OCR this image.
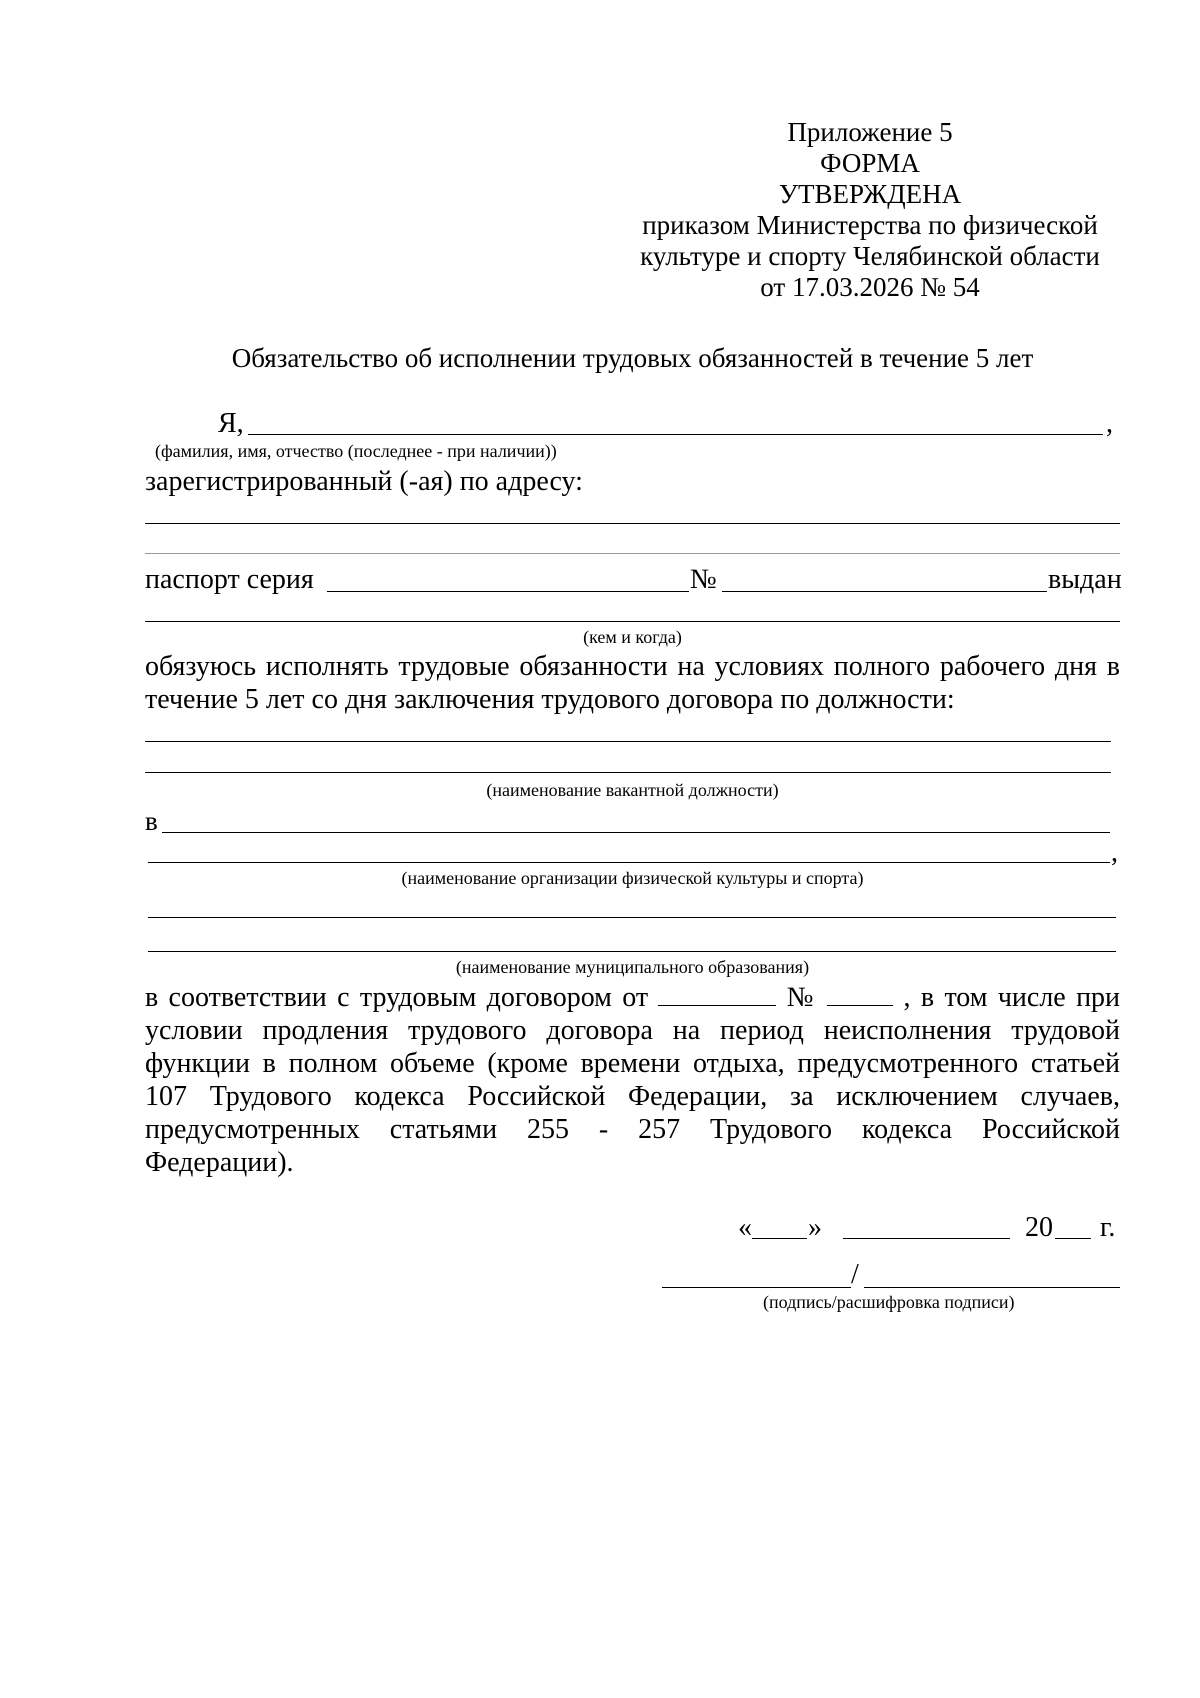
Приложение 5
ФОРМА
УТВЕРЖДЕНА
приказом Министерства по физической
культуре и спорту Челябинской области
от 17.03.2026 № 54
Обязательство об исполнении трудовых обязанностей в течение 5 лет
Я,	,
(фамилия, имя, отчество (последнее - при наличии))
зарегистрированный (-ая) по адресу:
паспорт серия	№	выдан
(кем и когда)
обязуюсь исполнять трудовые обязанности на условиях полного рабочего дня в
течение 5 лет со дня заключения трудового договора по должности:
(наименование вакантной должности)
в
,
(наименование организации физической культуры и спорта)
(наименование муниципального образования)
в соответствии с трудовым договором от	№	, в том числе при
условии продления трудового договора на период неисполнения трудовой
функции в полном объеме (кроме времени отдыха, предусмотренного статьей
107 Трудового кодекса Российской Федерации, за исключением случаев,
предусмотренных статьями 255 - 257 Трудового кодекса Российской
Федерации).
« »	20 г.
/
(подпись/расшифровка подписи)
